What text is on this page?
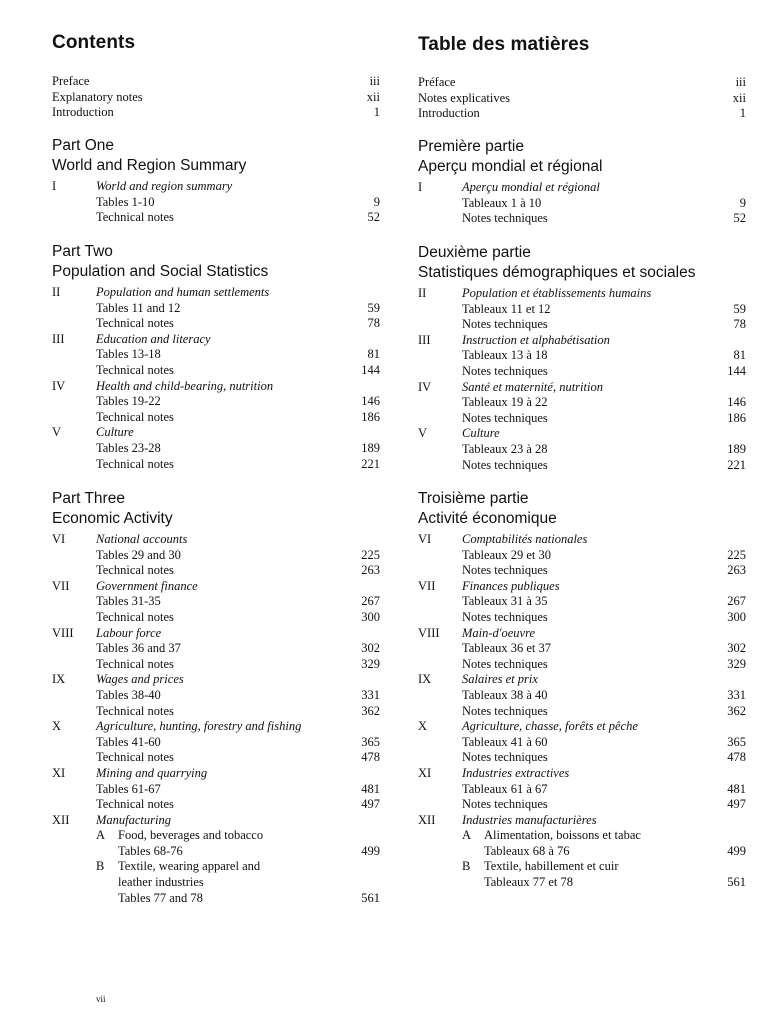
Contents
Preface	iii
Explanatory notes	xii
Introduction	1
Part One
World and Region Summary
I	World and region summary
Tables 1-10	9
Technical notes	52
Part Two
Population and Social Statistics
II	Population and human settlements
Tables 11 and 12	59
Technical notes	78
III	Education and literacy
Tables 13-18	81
Technical notes	144
IV Health and child-bearing, nutrition
Tables 19-22	146
Technical notes	186
V	Culture
Tables 23-28	189
Technical notes	221
Part Three
Economic Activity
VI National accounts
Tables 29 and 30	225
Technical notes	263
VII Government finance
Tables 31-35	267
Technical notes	300
VIII Labour force
Tables 36 and 37	302
Technical notes	329
IX Wages and prices
Tables 38-40	331
Technical notes	362
X	Agriculture, hunting, forestry and fishing
Tables 41-60	365
Technical notes	478
XI Mining and quarrying
Tables 61-67	481
Technical notes	497
XII Manufacturing
A Food, beverages and tobacco
Tables 68-76	499
B Textile, wearing apparel and
leather industries
Tables 77 and 78	561
Table des matières
Préface	iii
Notes explicatives	xii
Introduction	1
Première partie
Aperçu mondial et régional
I	Aperçu mondial et régional
Tableaux 1 à 10	9
Notes techniques	52
Deuxième partie
Statistiques démographiques et sociales
II	Population et établissements humains
Tableaux 11 et 12	59
Notes techniques	78
III	Instruction et alphabétisation
Tableaux 13 à 18	81
Notes techniques	144
IV Santé et maternité, nutrition
Tableaux 19 à 22	146
Notes techniques	186
V	Culture
Tableaux 23 à 28	189
Notes techniques	221
Troisième partie
Activité économique
VI Comptabilités nationales
Tableaux 29 et 30	225
Notes techniques	263
VII Finances publiques
Tableaux 31 à 35	267
Notes techniques	300
VIII Main-d'oeuvre
Tableaux 36 et 37	302
Notes techniques	329
IX Salaires et prix
Tableaux 38 à 40	331
Notes techniques	362
X	Agriculture, chasse, forêts et pêche
Tableaux 41 à 60	365
Notes techniques	478
XI Industries extractives
Tableaux 61 à 67	481
Notes techniques	497
XII Industries manufacturières
A Alimentation, boissons et tabac
Tableaux 68 à 76	499
B Textile, habillement et cuir
Tableaux 77 et 78	561
vii
